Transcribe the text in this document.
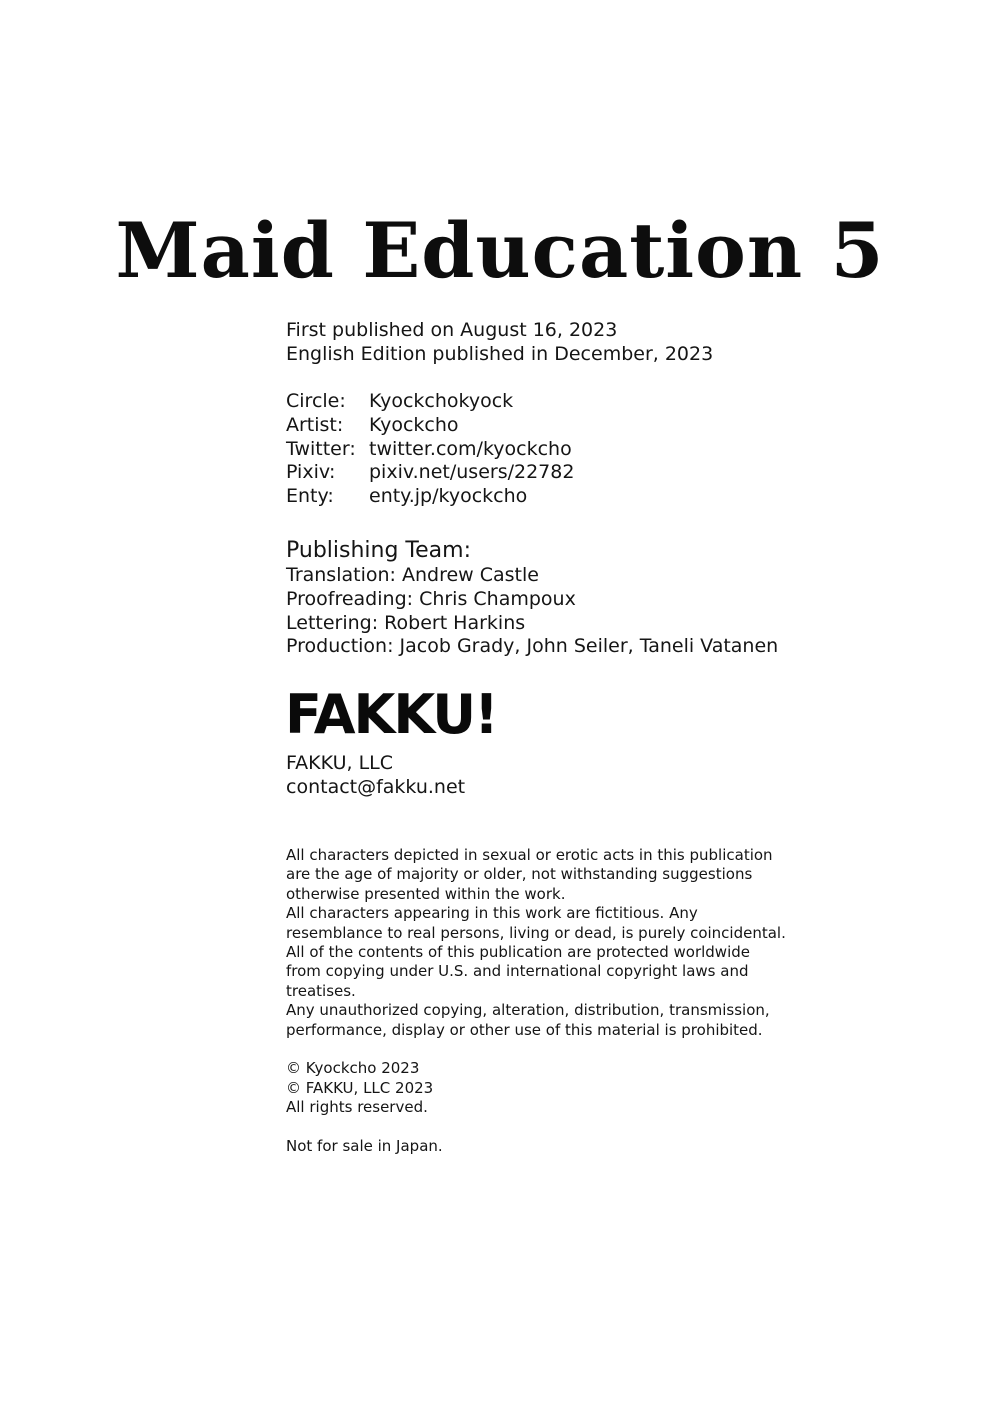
Maid Education 5
First published on August 16, 2023
English Edition published in December, 2023
Circle:	Kyockchokyock
Artist:	Kyockcho
Twitter: twitter.com/kyockcho
Pixiv:	pixiv.net/users/22782
Enty:	enty.jp/kyockcho
Publishing Team:
Translation: Andrew Castle
Proofreading: Chris Champoux
Lettering: Robert Harkins
Production: Jacob Grady, John Seiler, Taneli Vatanen
FAKKU!
FAKKU, LLC
contact@fakku.net
All characters depicted in sexual or erotic acts in this publication
are the age of majority or older, not withstanding suggestions
otherwise presented within the work.
All characters appearing in this work are fictitious. Any
resemblance to real persons, living or dead, is purely coincidental.
All of the contents of this publication are protected worldwide
from copying under U.S. and international copyright laws and
treatises.
Any unauthorized copying, alteration, distribution, transmission,
performance, display or other use of this material is prohibited.
© Kyockcho 2023
© FAKKU, LLC 2023
All rights reserved.
Not for sale in Japan.
